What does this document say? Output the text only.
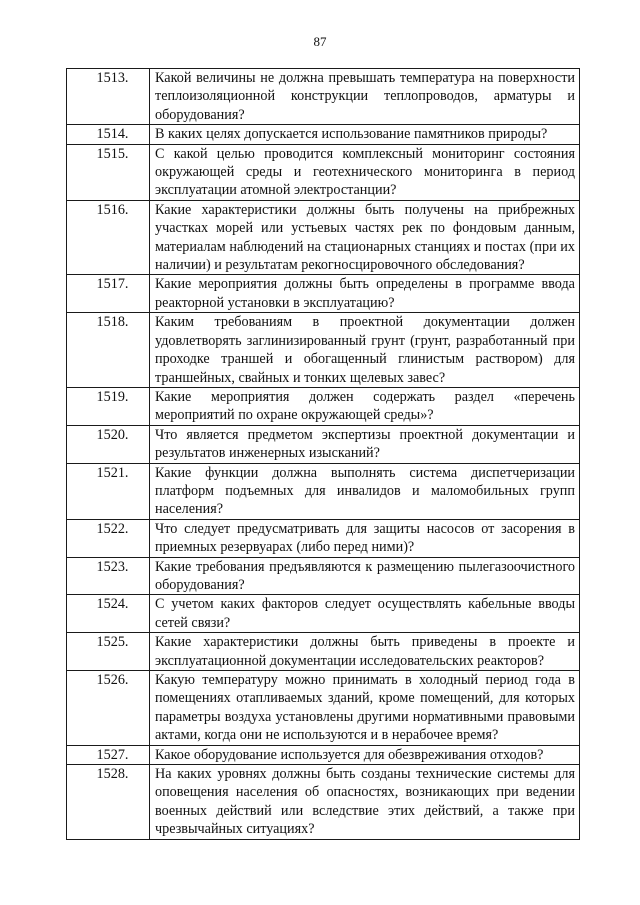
87
1513.	Какой величины не должна превышать температура на поверхности теплоизоляционной конструкции теплопроводов, арматуры и оборудования?
1514.	В каких целях допускается использование памятников природы?
1515.	С какой целью проводится комплексный мониторинг состояния окружающей среды и геотехнического мониторинга в период эксплуатации атомной электростанции?
1516.	Какие характеристики должны быть получены на прибрежных участках морей или устьевых частях рек по фондовым данным, материалам наблюдений на стационарных станциях и постах (при их наличии) и результатам рекогносцировочного обследования?
1517.	Какие мероприятия должны быть определены в программе ввода реакторной установки в эксплуатацию?
1518.	Каким требованиям в проектной документации должен удовлетворять заглинизированный грунт (грунт, разработанный при проходке траншей и обогащенный глинистым раствором) для траншейных, свайных и тонких щелевых завес?
1519.	Какие мероприятия должен содержать раздел «перечень мероприятий по охране окружающей среды»?
1520.	Что является предметом экспертизы проектной документации и результатов инженерных изысканий?
1521.	Какие функции должна выполнять система диспетчеризации платформ подъемных для инвалидов и маломобильных групп населения?
1522.	Что следует предусматривать для защиты насосов от засорения в приемных резервуарах (либо перед ними)?
1523.	Какие требования предъявляются к размещению пылегазоочистного оборудования?
1524.	С учетом каких факторов следует осуществлять кабельные вводы сетей связи?
1525.	Какие характеристики должны быть приведены в проекте и эксплуатационной документации исследовательских реакторов?
1526.	Какую температуру можно принимать в холодный период года в помещениях отапливаемых зданий, кроме помещений, для которых параметры воздуха установлены другими нормативными правовыми актами, когда они не используются и в нерабочее время?
1527.	Какое оборудование используется для обезвреживания отходов?
1528.	На каких уровнях должны быть созданы технические системы для оповещения населения об опасностях, возникающих при ведении военных действий или вследствие этих действий, а также при чрезвычайных ситуациях?
